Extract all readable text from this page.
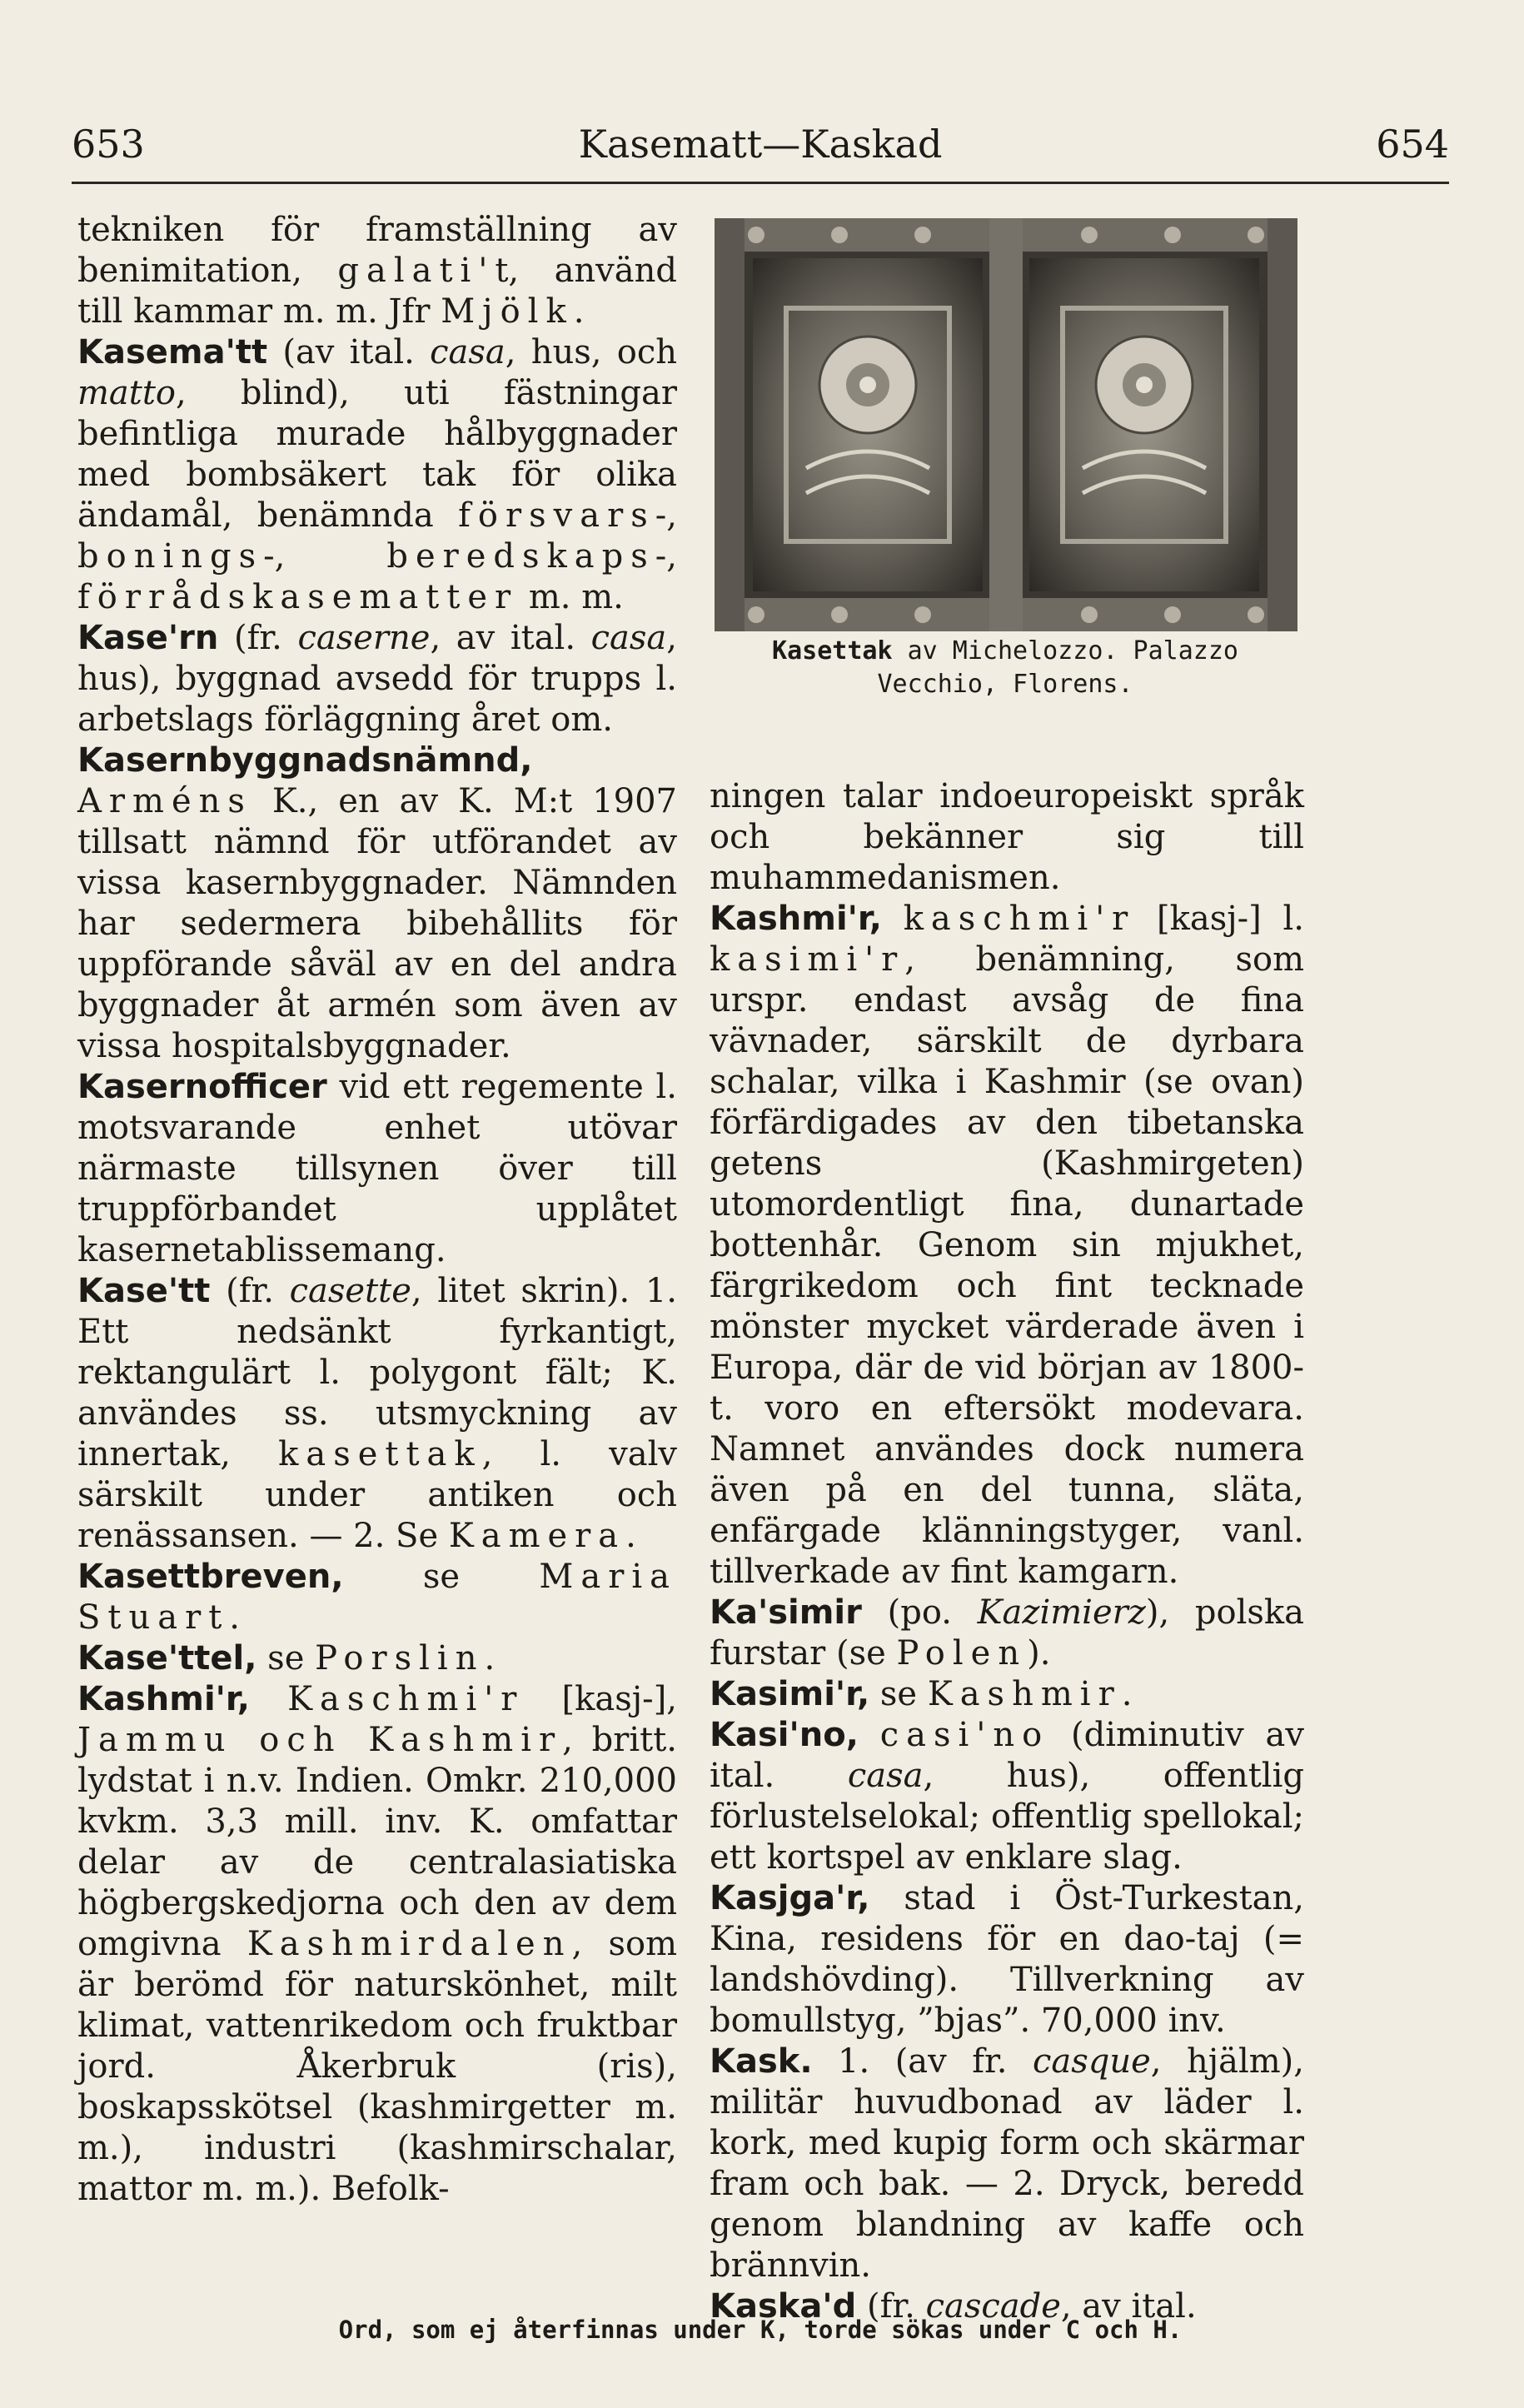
653	Kasematt—Kaskad	654

tekniken för framställning av benimitation, galati't, använd till kammar m. m. Jfr Mjölk.

Kasema'tt (av ital. casa, hus, och matto, blind), uti fästningar befintliga murade hålbyggnader med bombsäkert tak för olika ändamål, benämnda försvars-, bonings-, beredskaps-, förrådskasematter m. m.

Kase'rn (fr. caserne, av ital. casa, hus), byggnad avsedd för trupps l. arbetslags förläggning året om.

Kasernbyggnadsnämnd, Arméns K., en av K. M:t 1907 tillsatt nämnd för utförandet av vissa kasernbyggnader. Nämnden har sedermera bibehållits för uppförande såväl av en del andra byggnader åt armén som även av vissa hospitalsbyggnader.

Kasernofficer vid ett regemente l. motsvarande enhet utövar närmaste tillsynen över till truppförbandet upplåtet kasernetablissemang.

Kase'tt (fr. casette, litet skrin). 1. Ett nedsänkt fyrkantigt, rektangulärt l. polygont fält; K. användes ss. utsmyckning av innertak, kasettak, l. valv särskilt under antiken och renässansen. — 2. Se Kamera.

Kasettbreven, se Maria Stuart.

Kase'ttel, se Porslin.

Kashmi'r, Kaschmi'r [kasj-], Jammu och Kashmir, britt. lydstat i n.v. Indien. Omkr. 210,000 kvkm. 3,3 mill. inv. K. omfattar delar av de centralasiatiska högbergskedjorna och den av dem omgivna Kashmirdalen, som är berömd för naturskönhet, milt klimat, vattenrikedom och fruktbar jord. Åkerbruk (ris), boskapsskötsel (kashmirgetter m. m.), industri (kashmirschalar, mattor m. m.). Befolk-

Kasettak av Michelozzo. Palazzo Vecchio, Florens.

ningen talar indoeuropeiskt språk och bekänner sig till muhammedanismen.

Kashmi'r, kaschmi'r [kasj-] l. kasimi'r, benämning, som urspr. endast avsåg de fina vävnader, särskilt de dyrbara schalar, vilka i Kashmir (se ovan) förfärdigades av den tibetanska getens (Kashmirgeten) utomordentligt fina, dunartade bottenhår. Genom sin mjukhet, färgrikedom och fint tecknade mönster mycket värderade även i Europa, där de vid början av 1800-t. voro en eftersökt modevara. Namnet användes dock numera även på en del tunna, släta, enfärgade klänningstyger, vanl. tillverkade av fint kamgarn.

Ka'simir (po. Kazimierz), polska furstar (se Polen).

Kasimi'r, se Kashmir.

Kasi'no, casi'no (diminutiv av ital. casa, hus), offentlig förlustelselokal; offentlig spellokal; ett kortspel av enklare slag.

Kasjga'r, stad i Öst-Turkestan, Kina, residens för en dao-taj (= landshövding). Tillverkning av bomullstyg, ”bjas”. 70,000 inv.

Kask. 1. (av fr. casque, hjälm), militär huvudbonad av läder l. kork, med kupig form och skärmar fram och bak. — 2. Dryck, beredd genom blandning av kaffe och brännvin.

Kaska'd (fr. cascade, av ital.

Ord, som ej återfinnas under K, torde sökas under C och H.
